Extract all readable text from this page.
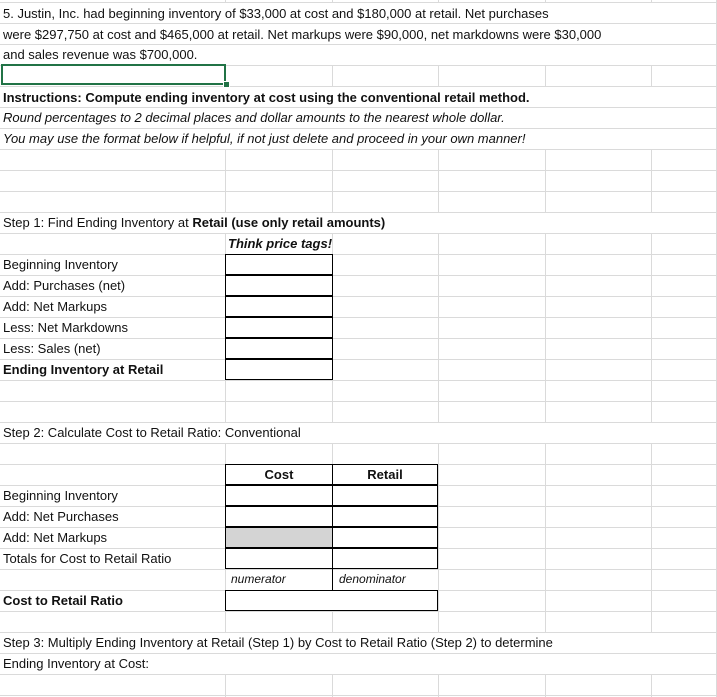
5. Justin, Inc. had beginning inventory of $33,000 at cost and $180,000 at retail. Net purchases
were $297,750 at cost and $465,000 at retail. Net markups were $90,000, net markdowns were $30,000
and sales revenue was $700,000.
Instructions: Compute ending inventory at cost using the conventional retail method.
Round percentages to 2 decimal places and dollar amounts to the nearest whole dollar.
You may use the format below if helpful, if not just delete and proceed in your own manner!
Step 1: Find Ending Inventory at Retail (use only retail amounts)
Think price tags!
Beginning Inventory
Add: Purchases (net)
Add: Net Markups
Less: Net Markdowns
Less: Sales (net)
Ending Inventory at Retail
Step 2: Calculate Cost to Retail Ratio: Conventional
Cost	Retail
Beginning Inventory
Add: Net Purchases
Add: Net Markups
Totals for Cost to Retail Ratio
numerator	denominator
Cost to Retail Ratio
Step 3: Multiply Ending Inventory at Retail (Step 1) by Cost to Retail Ratio (Step 2) to determine
Ending Inventory at Cost:
